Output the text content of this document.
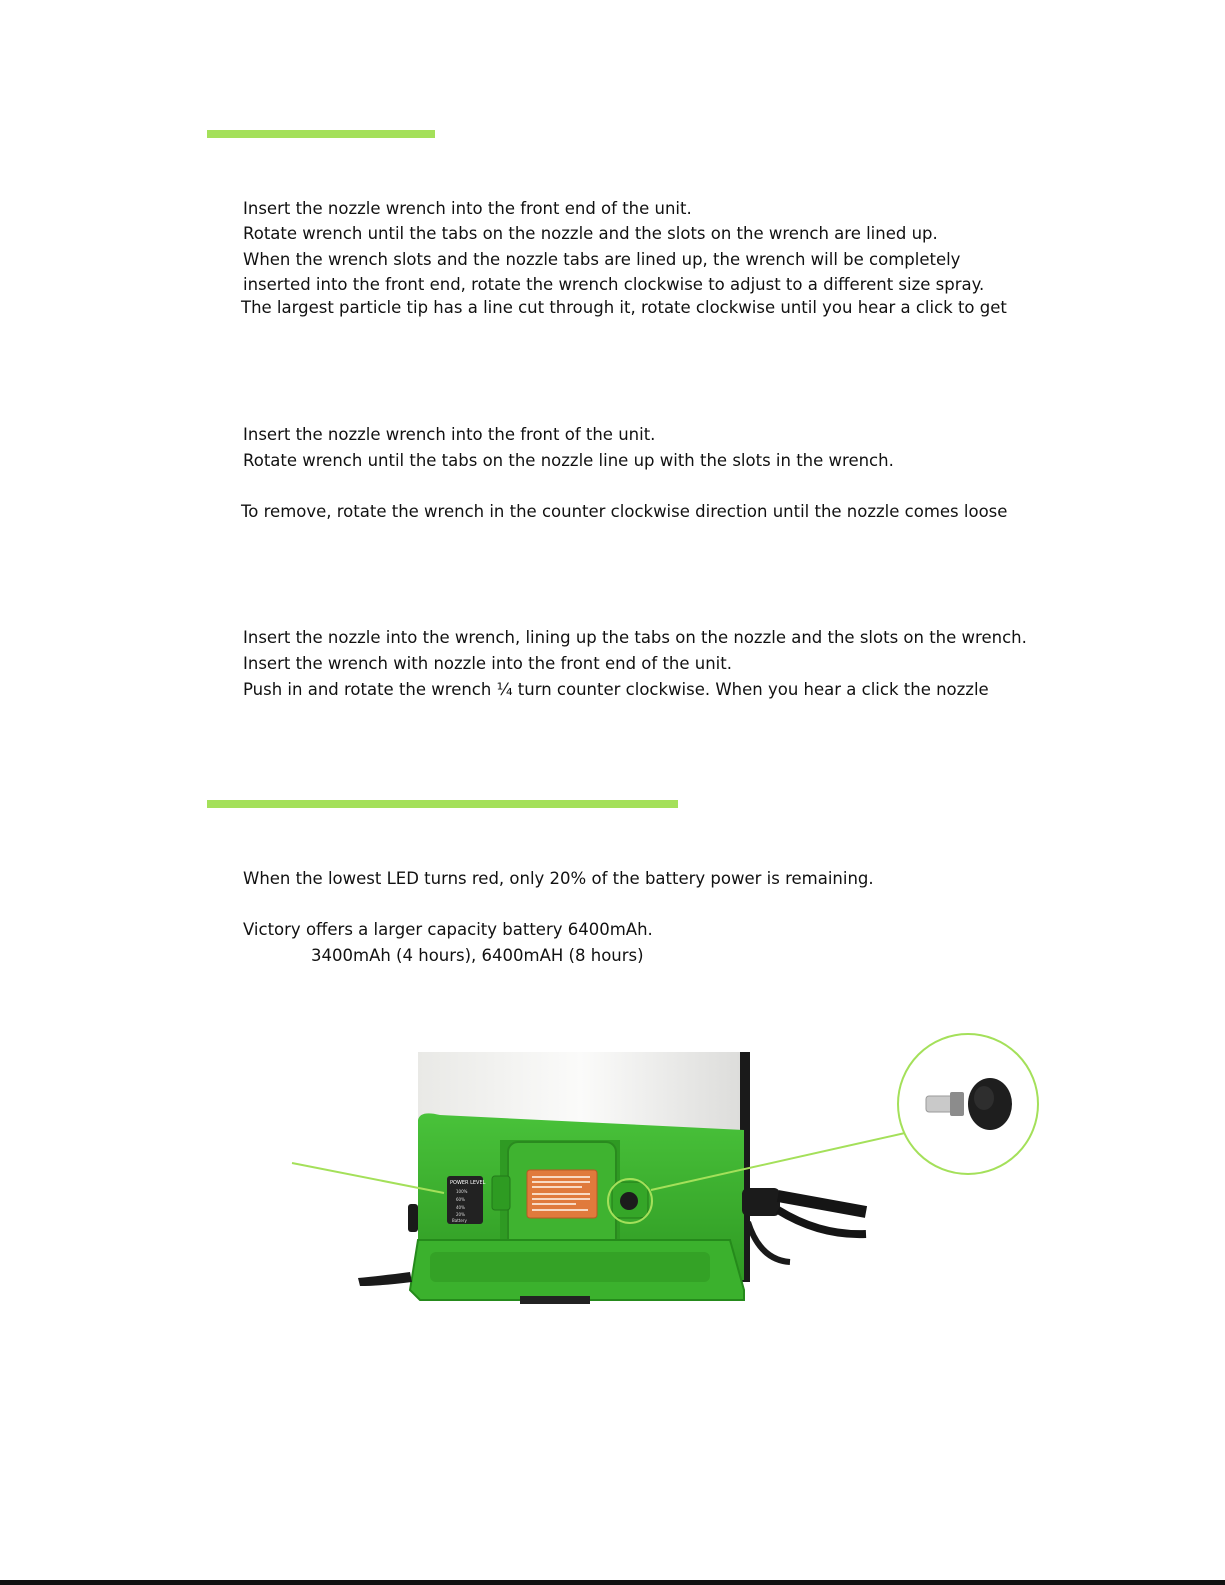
Insert the nozzle wrench into the front end of the unit.
Rotate wrench until the tabs on the nozzle and the slots on the wrench are lined up.
When the wrench slots and the nozzle tabs are lined up, the wrench will be completely
inserted into the front end, rotate the wrench clockwise to adjust to a different size spray.
The largest particle tip has a line cut through it, rotate clockwise until you hear a click to get
Insert the nozzle wrench into the front of the unit.
Rotate wrench until the tabs on the nozzle line up with the slots in the wrench.
To remove, rotate the wrench in the counter clockwise direction until the nozzle comes loose
Insert the nozzle into the wrench, lining up the tabs on the nozzle and the slots on the wrench.
Insert the wrench with nozzle into the front end of the unit.
Push in and rotate the wrench ¼ turn counter clockwise. When you hear a click the nozzle
When the lowest LED turns red, only 20% of the battery power is remaining.
Victory offers a larger capacity battery 6400mAh.
3400mAh (4 hours), 6400mAH (8 hours)
POWER LEVEL
100%
60%
40%
20%
Battery
